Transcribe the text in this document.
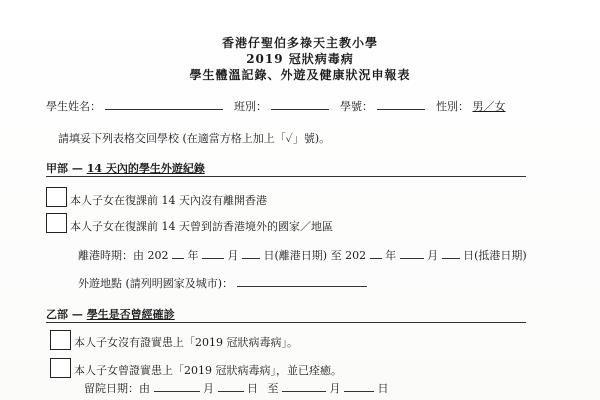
香港仔聖伯多祿天主教小學
2019 冠狀病毒病
學生體溫記錄、外遊及健康狀況申報表
學生姓名：	班別：	學號：	性別： 男／女
請填妥下列表格交回學校 (在適當方格上加上「✓」號)。
甲部 — 14 天內的學生外遊紀錄
本人子女在復課前 14 天內沒有離開香港
本人子女在復課前 14 天曾到訪香港境外的國家／地區
離港時期：由 202 年	月 日(離港日期) 至 202 年	月 日(抵港日期)
外遊地點 (請列明國家及城市)：
乙部 — 學生是否曾經確診
本人子女沒有證實患上「2019 冠狀病毒病」。
本人子女曾證實患上「2019 冠狀病毒病」，並已痊癒。
留院日期：由	月	日 至	月	日
